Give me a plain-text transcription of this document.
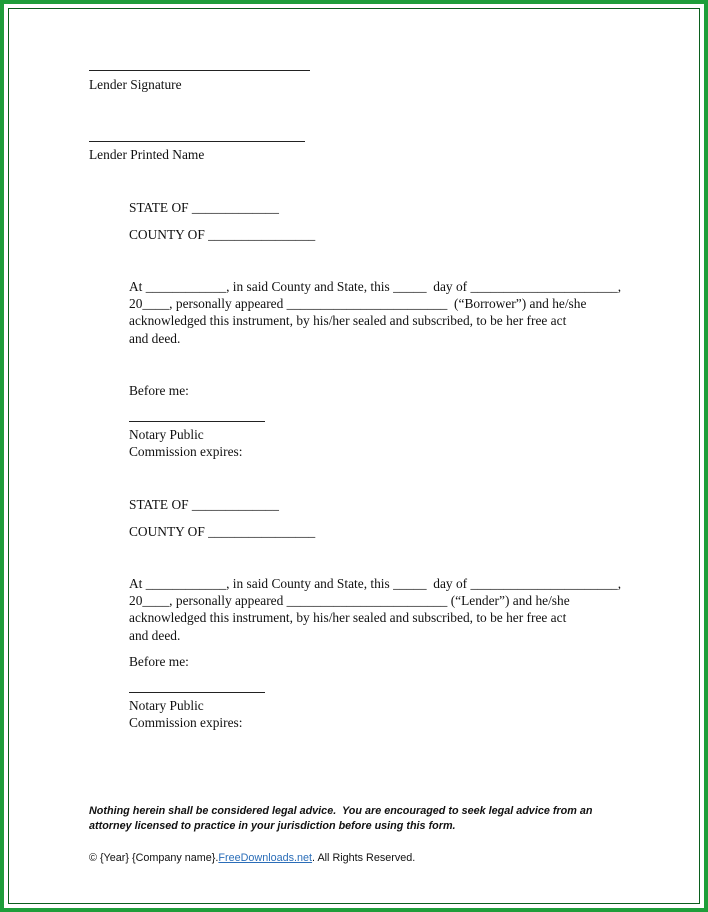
Lender Signature
Lender Printed Name
STATE OF _____________
COUNTY OF ________________
At ____________, in said County and State, this _____  day of ______________________,
20____, personally appeared ________________________  (“Borrower”) and he/she
acknowledged this instrument, by his/her sealed and subscribed, to be her free act
and deed.
Before me:
Notary Public
Commission expires:
STATE OF _____________
COUNTY OF ________________
At ____________, in said County and State, this _____  day of ______________________,
20____, personally appeared ________________________ (“Lender”) and he/she
acknowledged this instrument, by his/her sealed and subscribed, to be her free act
and deed.
Before me:
Notary Public
Commission expires:
Nothing herein shall be considered legal advice.  You are encouraged to seek legal advice from an
attorney licensed to practice in your jurisdiction before using this form.
© {Year} {Company name}.FreeDownloads.net. All Rights Reserved.
